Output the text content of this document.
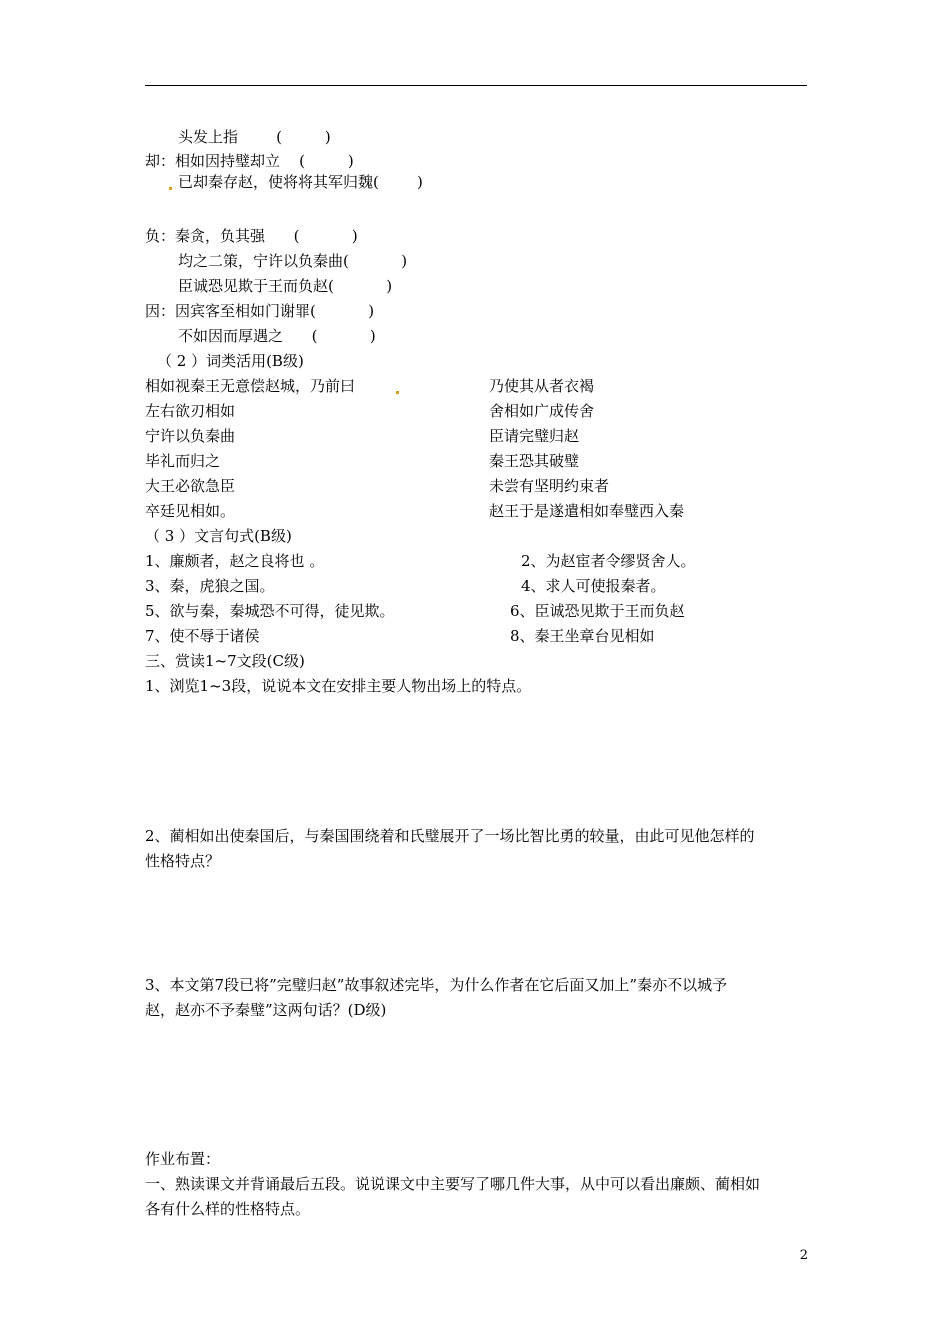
头发上指        (         )
却：相如因持璧却立    (         )
已却秦存赵，使将将其军归魏(        )
负：秦贪，负其强      (           )
均之二策，宁许以负秦曲(           )
臣诚恐见欺于王而负赵(           )
因：因宾客至相如门谢罪(           )
不如因而厚遇之      (           )
（ 2 ）词类活用(B级)
相如视秦王无意偿赵城，乃前曰	乃使其从者衣褐
左右欲刃相如	舍相如广成传舍
宁许以负秦曲	臣请完璧归赵
毕礼而归之	秦王恐其破璧
大王必欲急臣	未尝有坚明约束者
卒廷见相如。	赵王于是遂遣相如奉璧西入秦
（ 3 ）文言句式(B级)
1、廉颇者，赵之良将也 。	2、为赵宦者令缪贤舍人。
3、秦，虎狼之国。	4、求人可使报秦者。
5、欲与秦，秦城恐不可得，徒见欺。	6、臣诚恐见欺于王而负赵
7、使不辱于诸侯	8、秦王坐章台见相如
三、赏读1~7文段(C级)
1、浏览1~3段，说说本文在安排主要人物出场上的特点。
2、蔺相如出使秦国后，与秦国围绕着和氏璧展开了一场比智比勇的较量，由此可见他怎样的
性格特点？
3、本文第7段已将”完璧归赵”故事叙述完毕，为什么作者在它后面又加上”秦亦不以城予
赵，赵亦不予秦璧”这两句话？(D级)
作业布置：
一、熟读课文并背诵最后五段。说说课文中主要写了哪几件大事，从中可以看出廉颇、蔺相如
各有什么样的性格特点。
2
